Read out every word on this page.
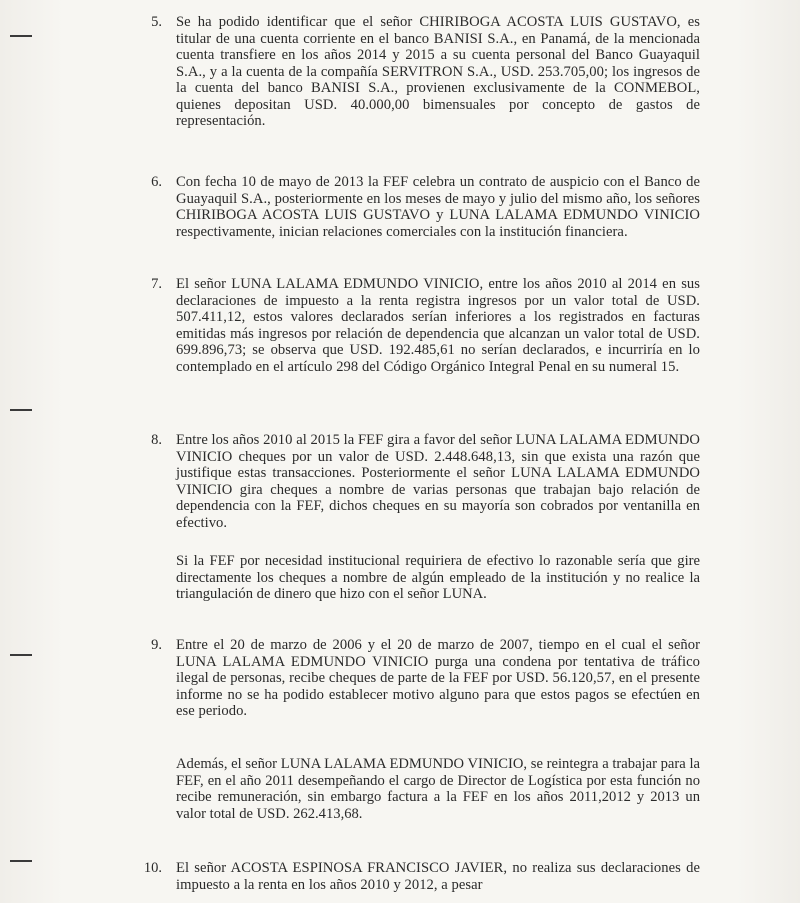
5. Se ha podido identificar que el señor CHIRIBOGA ACOSTA LUIS GUSTAVO, es titular de una cuenta corriente en el banco BANISI S.A., en Panamá, de la mencionada cuenta transfiere en los años 2014 y 2015 a su cuenta personal del Banco Guayaquil S.A., y a la cuenta de la compañía SERVITRON S.A., USD. 253.705,00; los ingresos de la cuenta del banco BANISI S.A., provienen exclusivamente de la CONMEBOL, quienes depositan USD. 40.000,00 bimensuales por concepto de gastos de representación.
6. Con fecha 10 de mayo de 2013 la FEF celebra un contrato de auspicio con el Banco de Guayaquil S.A., posteriormente en los meses de mayo y julio del mismo año, los señores CHIRIBOGA ACOSTA LUIS GUSTAVO y LUNA LALAMA EDMUNDO VINICIO respectivamente, inician relaciones comerciales con la institución financiera.
7. El señor LUNA LALAMA EDMUNDO VINICIO, entre los años 2010 al 2014 en sus declaraciones de impuesto a la renta registra ingresos por un valor total de USD. 507.411,12, estos valores declarados serían inferiores a los registrados en facturas emitidas más ingresos por relación de dependencia que alcanzan un valor total de USD. 699.896,73; se observa que USD. 192.485,61 no serían declarados, e incurriría en lo contemplado en el artículo 298 del Código Orgánico Integral Penal en su numeral 15.
8. Entre los años 2010 al 2015 la FEF gira a favor del señor LUNA LALAMA EDMUNDO VINICIO cheques por un valor de USD. 2.448.648,13, sin que exista una razón que justifique estas transacciones. Posteriormente el señor LUNA LALAMA EDMUNDO VINICIO gira cheques a nombre de varias personas que trabajan bajo relación de dependencia con la FEF, dichos cheques en su mayoría son cobrados por ventanilla en efectivo.
Si la FEF por necesidad institucional requiriera de efectivo lo razonable sería que gire directamente los cheques a nombre de algún empleado de la institución y no realice la triangulación de dinero que hizo con el señor LUNA.
9. Entre el 20 de marzo de 2006 y el 20 de marzo de 2007, tiempo en el cual el señor LUNA LALAMA EDMUNDO VINICIO purga una condena por tentativa de tráfico ilegal de personas, recibe cheques de parte de la FEF por USD. 56.120,57, en el presente informe no se ha podido establecer motivo alguno para que estos pagos se efectúen en ese periodo.
Además, el señor LUNA LALAMA EDMUNDO VINICIO, se reintegra a trabajar para la FEF, en el año 2011 desempeñando el cargo de Director de Logística por esta función no recibe remuneración, sin embargo factura a la FEF en los años 2011,2012 y 2013 un valor total de USD. 262.413,68.
10. El señor ACOSTA ESPINOSA FRANCISCO JAVIER, no realiza sus declaraciones de impuesto a la renta en los años 2010 y 2012, a pesar
